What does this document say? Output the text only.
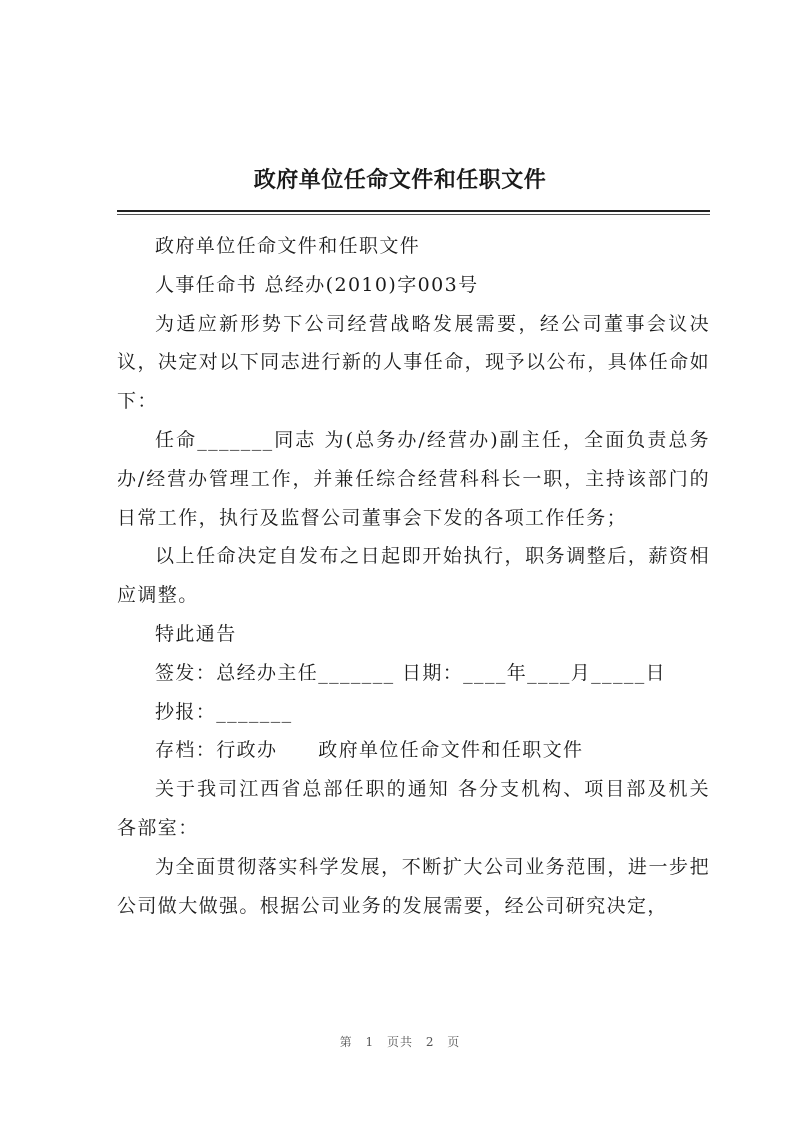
政府单位任命文件和任职文件

政府单位任命文件和任职文件

人事任命书 总经办(2010)字003号

为适应新形势下公司经营战略发展需要，经公司董事会议决议，决定对以下同志进行新的人事任命，现予以公布，具体任命如下：

任命_______同志 为(总务办/经营办)副主任，全面负责总务办/经营办管理工作，并兼任综合经营科科长一职，主持该部门的日常工作，执行及监督公司董事会下发的各项工作任务；

以上任命决定自发布之日起即开始执行，职务调整后，薪资相应调整。

特此通告

签发：总经办主任_______ 日期：____年____月_____日

抄报：_______

存档：行政办　　政府单位任命文件和任职文件

关于我司江西省总部任职的通知 各分支机构、项目部及机关各部室：

为全面贯彻落实科学发展，不断扩大公司业务范围，进一步把公司做大做强。根据公司业务的发展需要，经公司研究决定，

第 1 页共 2 页
